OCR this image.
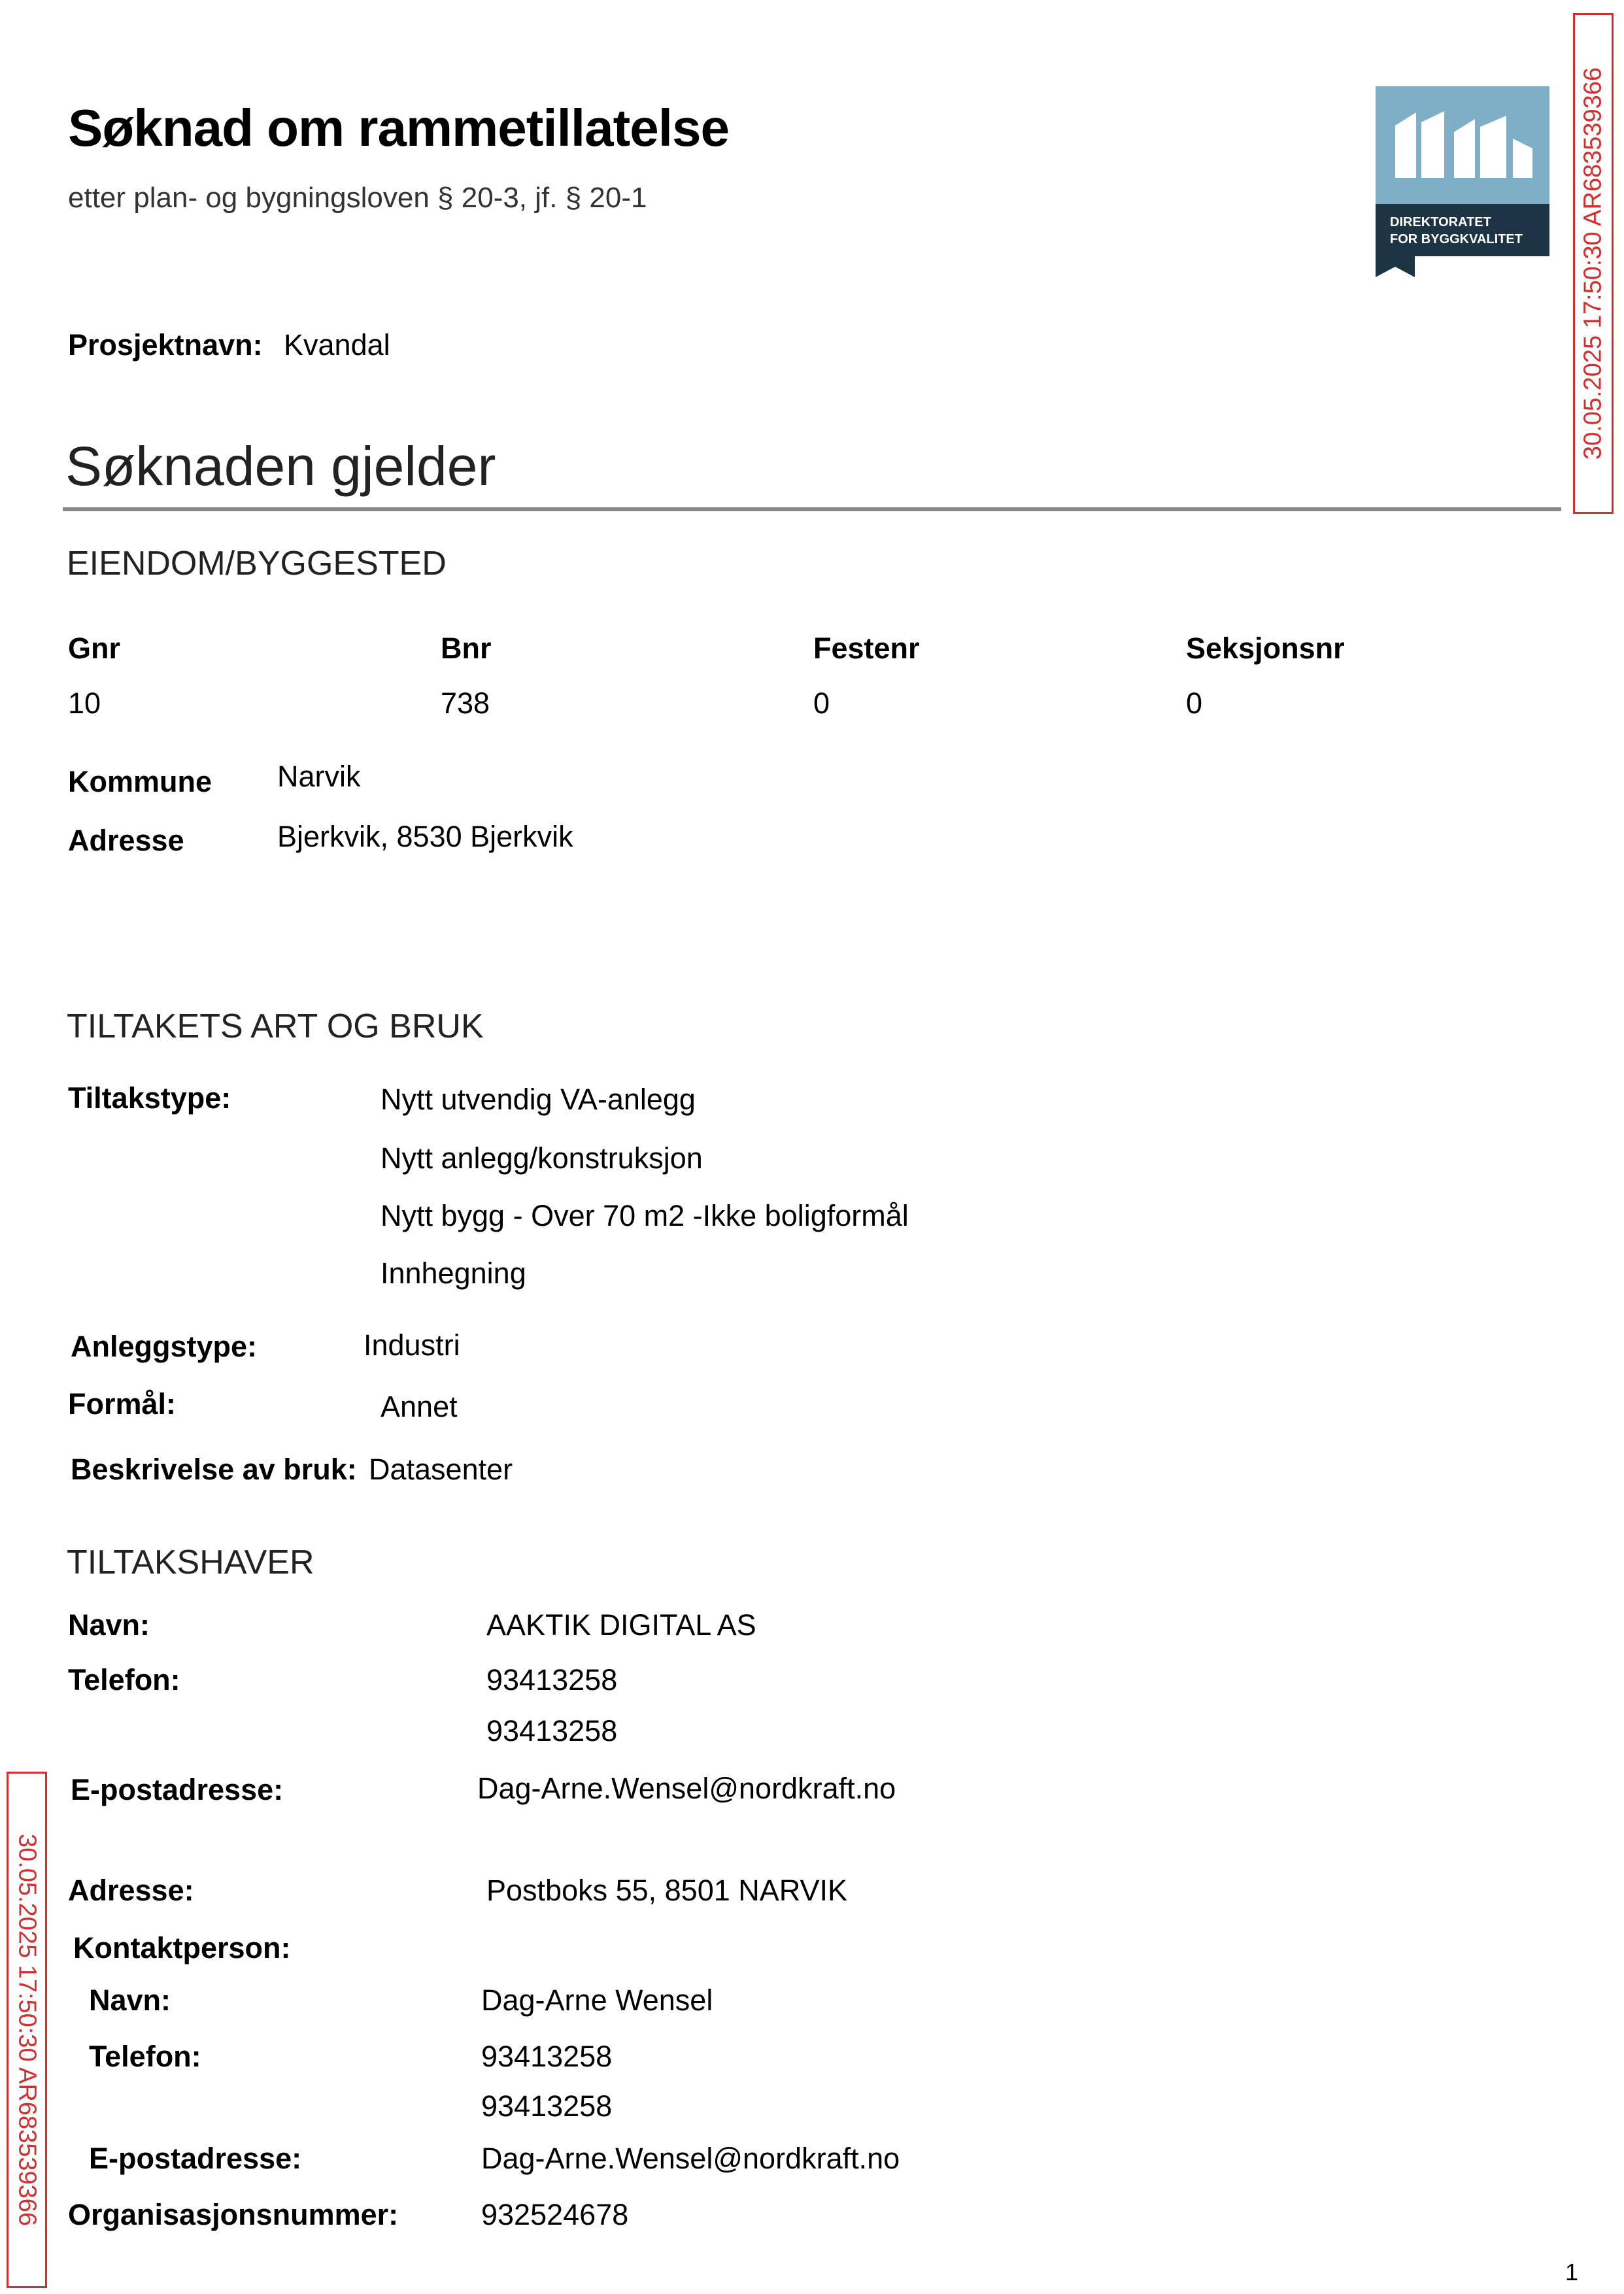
Søknad om rammetillatelse
etter plan- og bygningsloven § 20-3, jf. § 20-1
DIREKTORATET
FOR BYGGKVALITET 30.05.2025 17:50:30 AR683539366
30.05.2025 17:50:30 AR683539366
Prosjektnavn: Kvandal
Søknaden gjelder
EIENDOM/BYGGESTED
Gnr	Bnr	Festenr	Seksjonsnr
10	738	0	0
Kommune Narvik
Adresse	Bjerkvik, 8530 Bjerkvik
TILTAKETS ART OG BRUK
Tiltakstype:	Nytt utvendig VA-anlegg
Nytt anlegg/konstruksjon
Nytt bygg - Over 70 m2 -Ikke boligformål
Innhegning
Anleggstype:	Industri
Formål:	Annet
Beskrivelse av bruk: Datasenter
TILTAKSHAVER
Navn:	AAKTIK DIGITAL AS
Telefon:	93413258
93413258
E-postadresse:	Dag-Arne.Wensel@nordkraft.no
Adresse:	Postboks 55, 8501 NARVIK
Kontaktperson:
Navn:	Dag-Arne Wensel
Telefon:	93413258
93413258
E-postadresse:	Dag-Arne.Wensel@nordkraft.no
Organisasjonsnummer:	932524678
1
